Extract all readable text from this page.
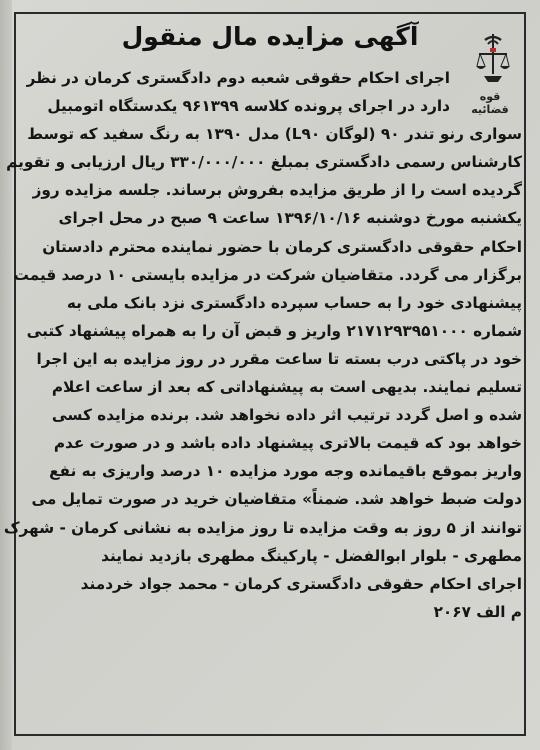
آگهی مزایده مال منقول
قوه قضائیه
اجرای احکام حقوقی شعبه دوم دادگستری کرمان در نظر
دارد در اجرای پرونده کلاسه ۹۶۱۳۹۹ یکدستگاه اتومبیل
سواری رنو تندر ۹۰ (لوگان L۹۰) مدل ۱۳۹۰ به رنگ سفید که توسط
کارشناس رسمی دادگستری بمبلغ ۳۳۰/۰۰۰/۰۰۰ ریال ارزیابی و تقویم
گردیده است را از طریق مزایده بفروش برساند. جلسه مزایده روز
یکشنبه مورخ دوشنبه ۱۳۹۶/۱۰/۱۶ ساعت ۹ صبح در محل اجرای
احکام حقوقی دادگستری کرمان با حضور نماینده محترم دادستان
برگزار می گردد. متقاضیان شرکت در مزایده بایستی ۱۰ درصد قیمت
پیشنهادی خود را به حساب سپرده دادگستری نزد بانک ملی به
شماره ۲۱۷۱۲۹۳۹۵۱۰۰۰ واریز و قبض آن را به همراه پیشنهاد کتبی
خود در پاکتی درب بسته تا ساعت مقرر در روز مزایده به این اجرا
تسلیم نمایند. بدیهی است به پیشنهاداتی که بعد از ساعت اعلام
شده و اصل گردد ترتیب اثر داده نخواهد شد. برنده مزایده کسی
خواهد بود که قیمت بالاتری پیشنهاد داده باشد و در صورت عدم
واریز بموقع باقیمانده وجه مورد مزایده ۱۰ درصد واریزی به نفع
دولت ضبط خواهد شد. ضمناً» متقاضیان خرید در صورت تمایل می
توانند از ۵ روز به وقت مزایده تا روز مزایده به نشانی کرمان - شهرک
مطهری - بلوار ابوالفضل - پارکینگ مطهری بازدید نمایند
اجرای احکام حقوقی دادگستری کرمان - محمد جواد خردمند
م الف ۲۰۶۷
